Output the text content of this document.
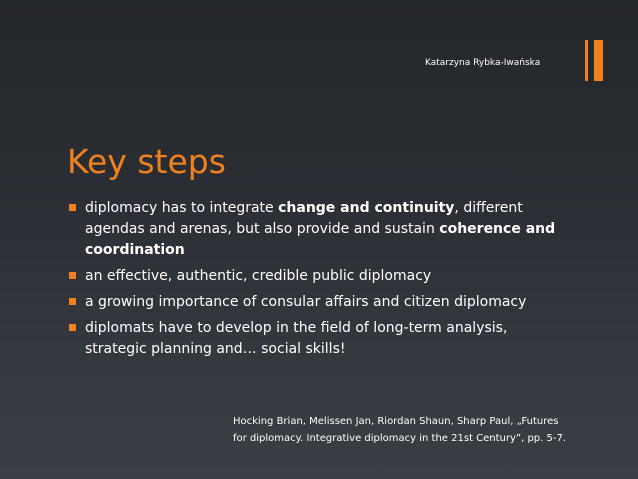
Katarzyna Rybka-Iwańska
Key steps
diplomacy has to integrate change and continuity, different agendas and arenas, but also provide and sustain coherence and coordination
an effective, authentic, credible public diplomacy
a growing importance of consular affairs and citizen diplomacy
diplomats have to develop in the field of long-term analysis, strategic planning and… social skills!
Hocking Brian, Melissen Jan, Riordan Shaun, Sharp Paul, „Futures for diplomacy. Integrative diplomacy in the 21st Century”, pp. 5-7.
